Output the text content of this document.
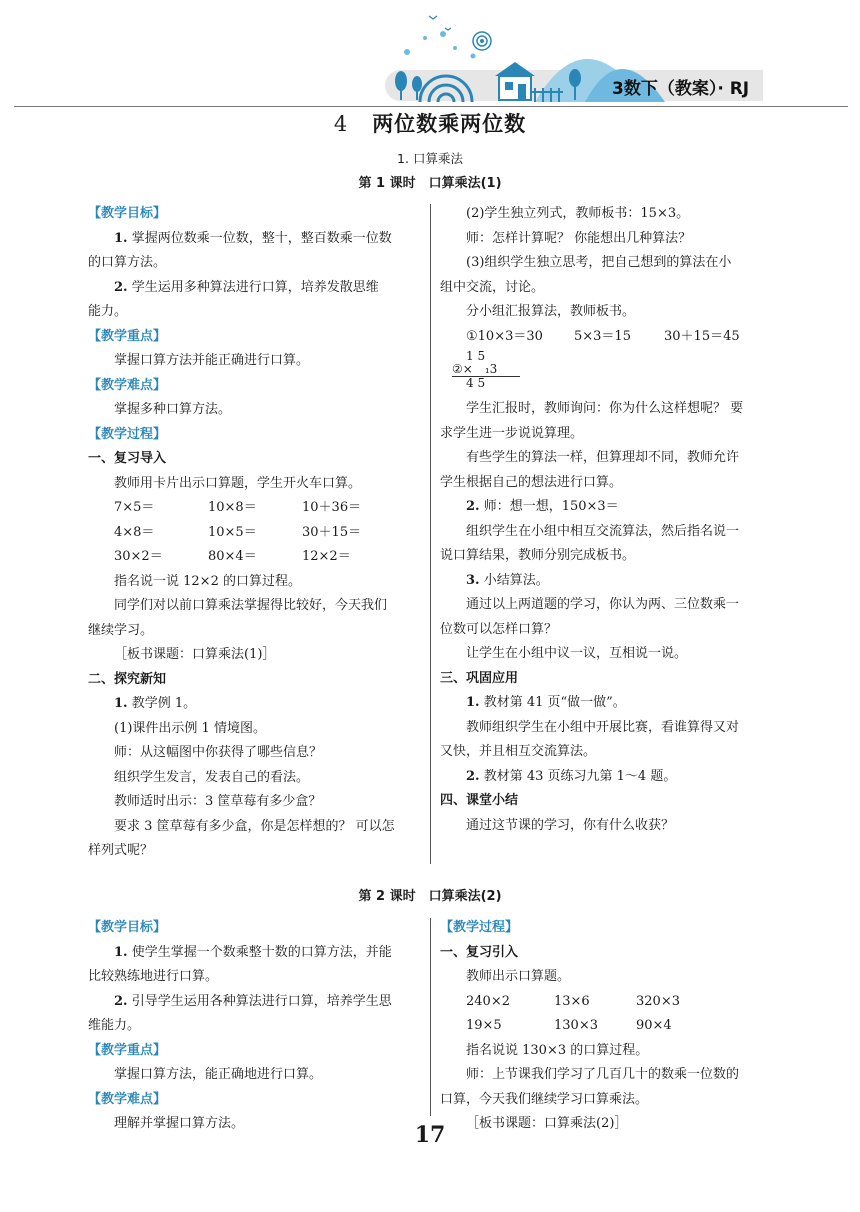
3数下（教案）· RJ
4 两位数乘两位数
1. 口算乘法
第 1 课时　口算乘法(1)

【教学目标】

1. 掌握两位数乘一位数，整十，整百数乘一位数

的口算方法。

2. 学生运用多种算法进行口算，培养发散思维

能力。

【教学重点】

掌握口算方法并能正确进行口算。

【教学难点】

掌握多种口算方法。

【教学过程】

一、复习导入

教师用卡片出示口算题，学生开火车口算。

7×5＝	10×8＝	10＋36＝
4×8＝	10×5＝	30＋15＝
30×2＝	80×4＝	12×2＝

指名说一说 12×2 的口算过程。

同学们对以前口算乘法掌握得比较好，今天我们

继续学习。

［板书课题：口算乘法(1)］

二、探究新知

1. 教学例 1。

(1)课件出示例 1 情境图。

师：从这幅图中你获得了哪些信息？

组织学生发言，发表自己的看法。

教师适时出示：3 筐草莓有多少盒？

要求 3 筐草莓有多少盒，你是怎样想的？ 可以怎

样列式呢？

(2)学生独立列式，教师板书：15×3。

师：怎样计算呢？ 你能想出几种算法？

(3)组织学生独立思考，把自己想到的算法在小

组中交流，讨论。

分小组汇报算法，教师板书。

①10×3＝30	5×3＝15	30＋15＝45

学生汇报时，教师询问：你为什么这样想呢？ 要

求学生进一步说说算理。

有些学生的算法一样，但算理却不同，教师允许

学生根据自己的想法进行口算。

2. 师：想一想，150×3＝

组织学生在小组中相互交流算法，然后指名说一

说口算结果，教师分别完成板书。

3. 小结算法。

通过以上两道题的学习，你认为两、三位数乘一

位数可以怎样口算？

让学生在小组中议一议，互相说一说。

三、巩固应用

1. 教材第 41 页“做一做”。

教师组织学生在小组中开展比赛，看谁算得又对

又快，并且相互交流算法。

2. 教材第 43 页练习九第 1～4 题。

四、课堂小结

通过这节课的学习，你有什么收获？

1 5
②×　₁3
4 5
第 2 课时　口算乘法(2)

【教学目标】

1. 使学生掌握一个数乘整十数的口算方法，并能

比较熟练地进行口算。

2. 引导学生运用各种算法进行口算，培养学生思

维能力。

【教学重点】

掌握口算方法，能正确地进行口算。

【教学难点】

理解并掌握口算方法。

【教学过程】

一、复习引入

教师出示口算题。

240×2	13×6	320×3
19×5	130×3	90×4

指名说说 130×3 的口算过程。

师：上节课我们学习了几百几十的数乘一位数的

口算，今天我们继续学习口算乘法。

［板书课题：口算乘法(2)］

17
